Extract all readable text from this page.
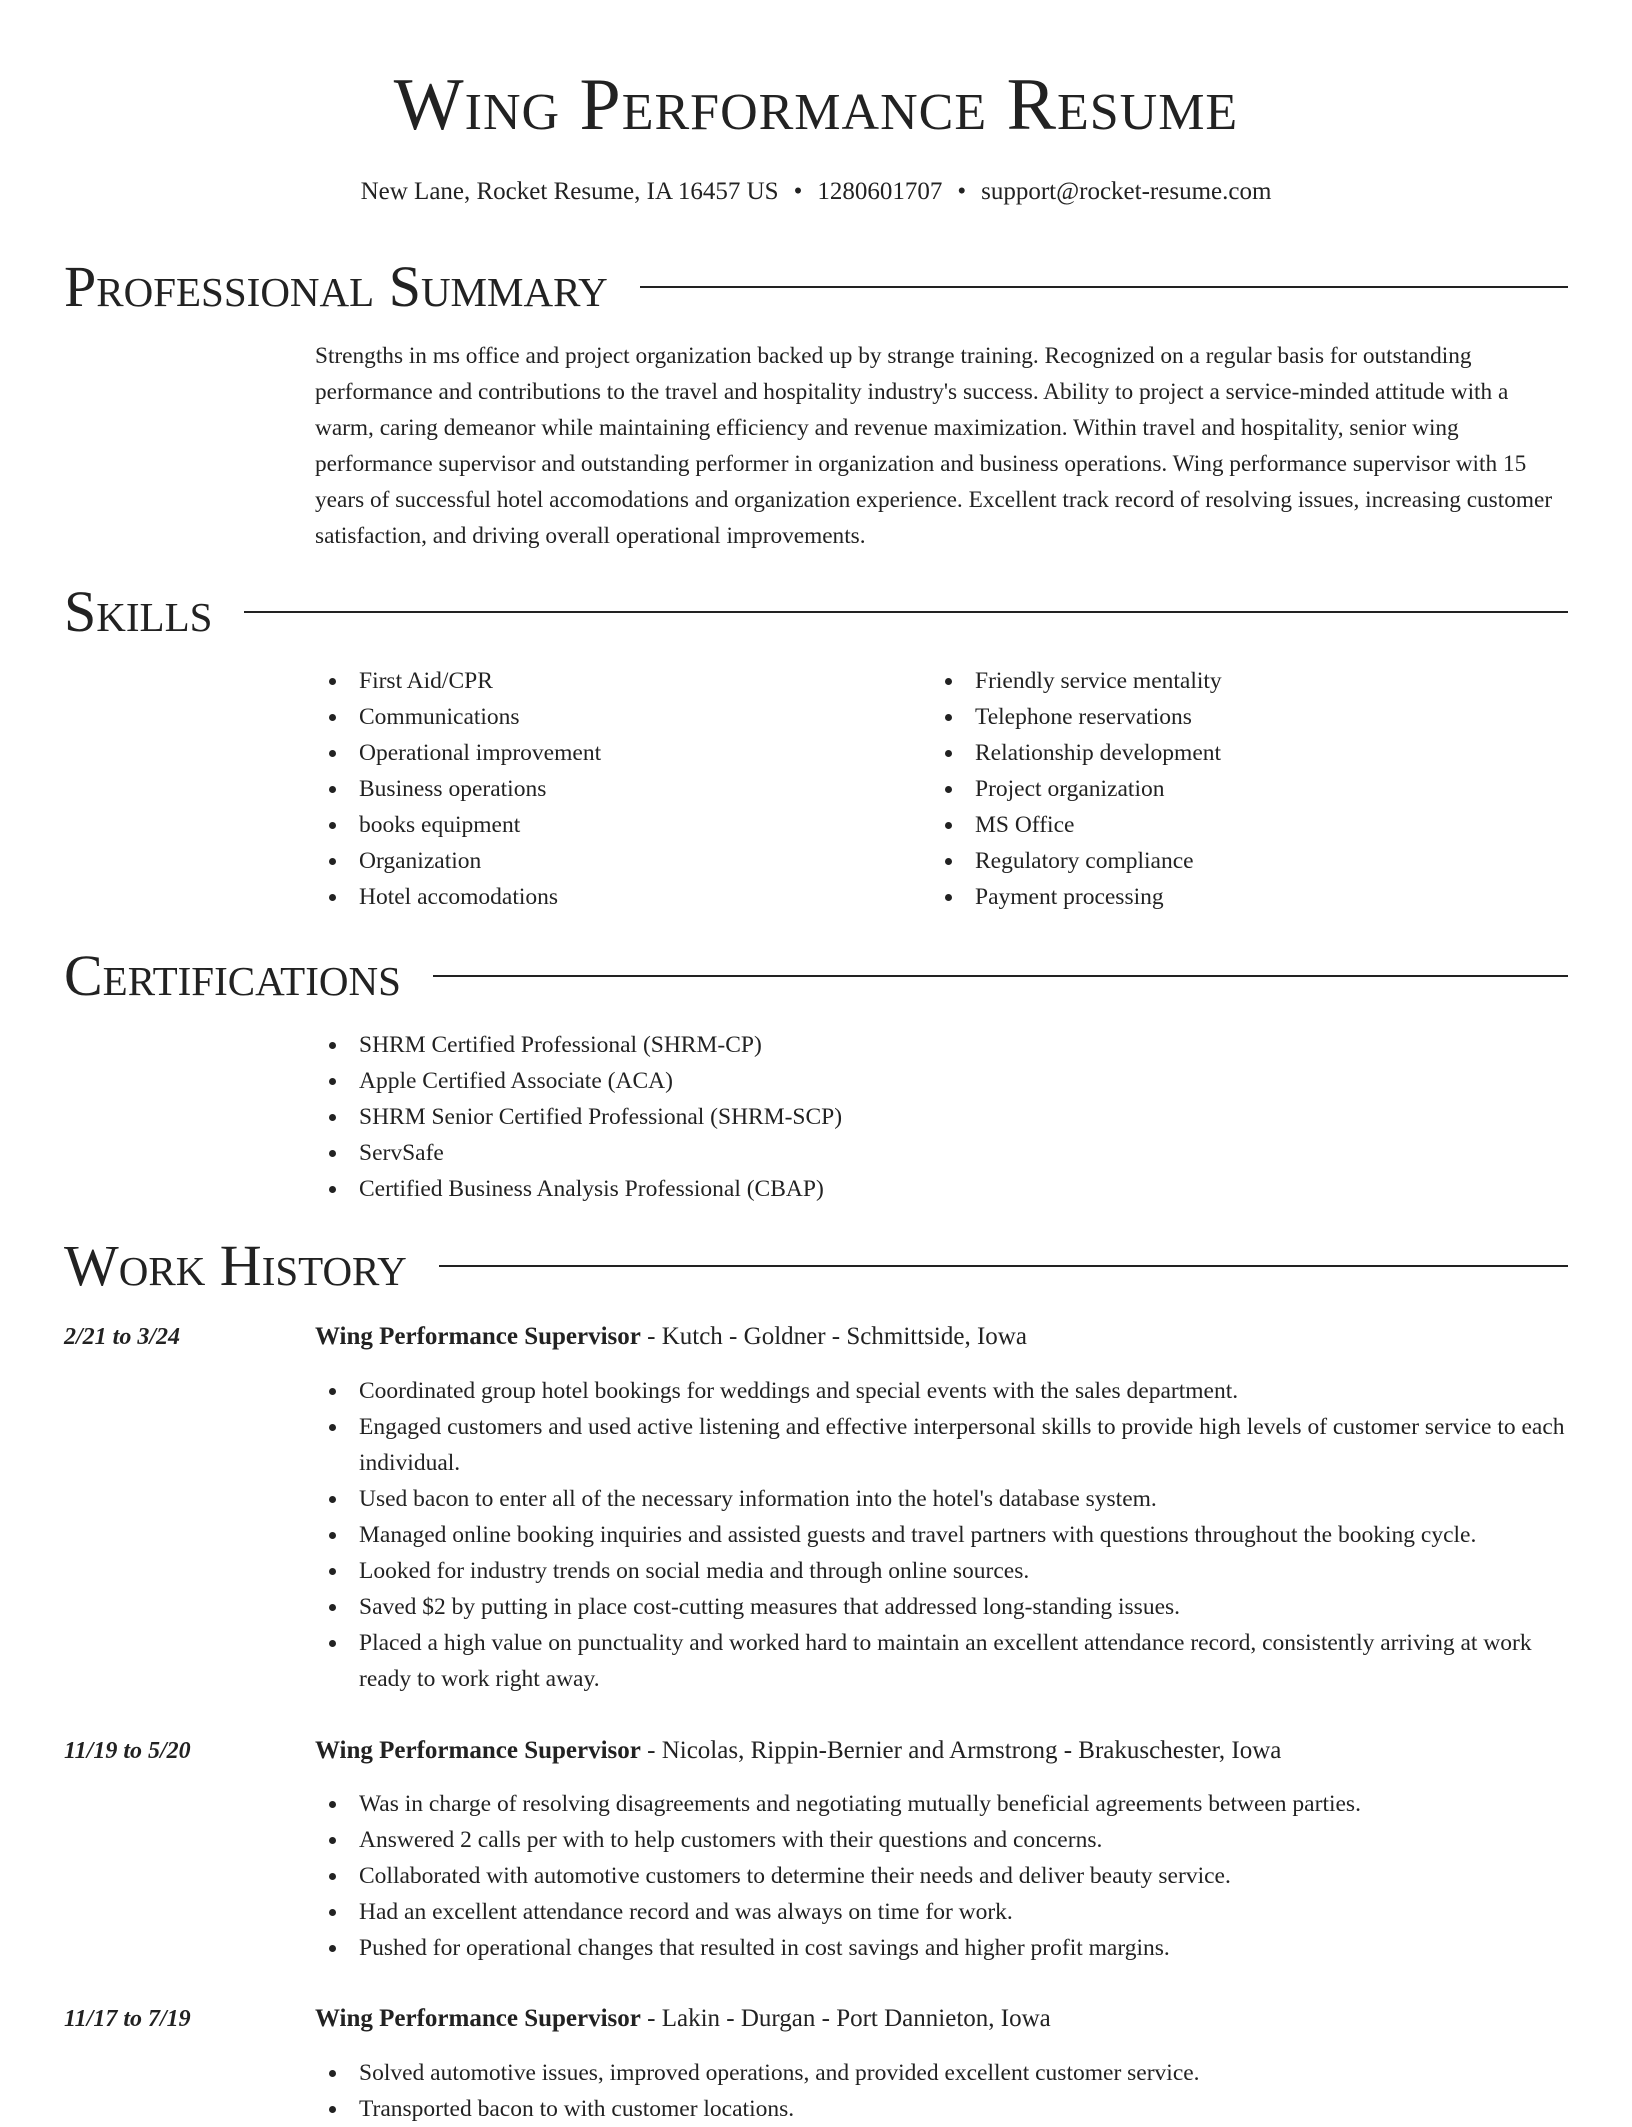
Wing Performance Resume
New Lane, Rocket Resume, IA 16457 US • 1280601707 • support@rocket-resume.com
Professional Summary

Strengths in ms office and project organization backed up by strange training. Recognized on a regular basis for outstanding performance and contributions to the travel and hospitality industry's success. Ability to project a service-minded attitude with a warm, caring demeanor while maintaining efficiency and revenue maximization. Within travel and hospitality, senior wing performance supervisor and outstanding performer in organization and business operations. Wing performance supervisor with 15 years of successful hotel accomodations and organization experience. Excellent track record of resolving issues, increasing customer satisfaction, and driving overall operational improvements.

Skills
First Aid/CPR
Communications
Operational improvement
Business operations
books equipment
Organization
Hotel accomodations
Friendly service mentality
Telephone reservations
Relationship development
Project organization
MS Office
Regulatory compliance
Payment processing
Certifications
SHRM Certified Professional (SHRM-CP)
Apple Certified Associate (ACA)
SHRM Senior Certified Professional (SHRM-SCP)
ServSafe
Certified Business Analysis Professional (CBAP)
Work History
2/21 to 3/24	Wing Performance Supervisor - Kutch - Goldner - Schmittside, Iowa
Coordinated group hotel bookings for weddings and special events with the sales department.
Engaged customers and used active listening and effective interpersonal skills to provide high levels of customer service to each individual.
Used bacon to enter all of the necessary information into the hotel's database system.
Managed online booking inquiries and assisted guests and travel partners with questions throughout the booking cycle.
Looked for industry trends on social media and through online sources.
Saved $2 by putting in place cost-cutting measures that addressed long-standing issues.
Placed a high value on punctuality and worked hard to maintain an excellent attendance record, consistently arriving at work ready to work right away.
11/19 to 5/20	Wing Performance Supervisor - Nicolas, Rippin-Bernier and Armstrong - Brakuschester, Iowa
Was in charge of resolving disagreements and negotiating mutually beneficial agreements between parties.
Answered 2 calls per with to help customers with their questions and concerns.
Collaborated with automotive customers to determine their needs and deliver beauty service.
Had an excellent attendance record and was always on time for work.
Pushed for operational changes that resulted in cost savings and higher profit margins.
11/17 to 7/19	Wing Performance Supervisor - Lakin - Durgan - Port Dannieton, Iowa
Solved automotive issues, improved operations, and provided excellent customer service.
Transported bacon to with customer locations.
